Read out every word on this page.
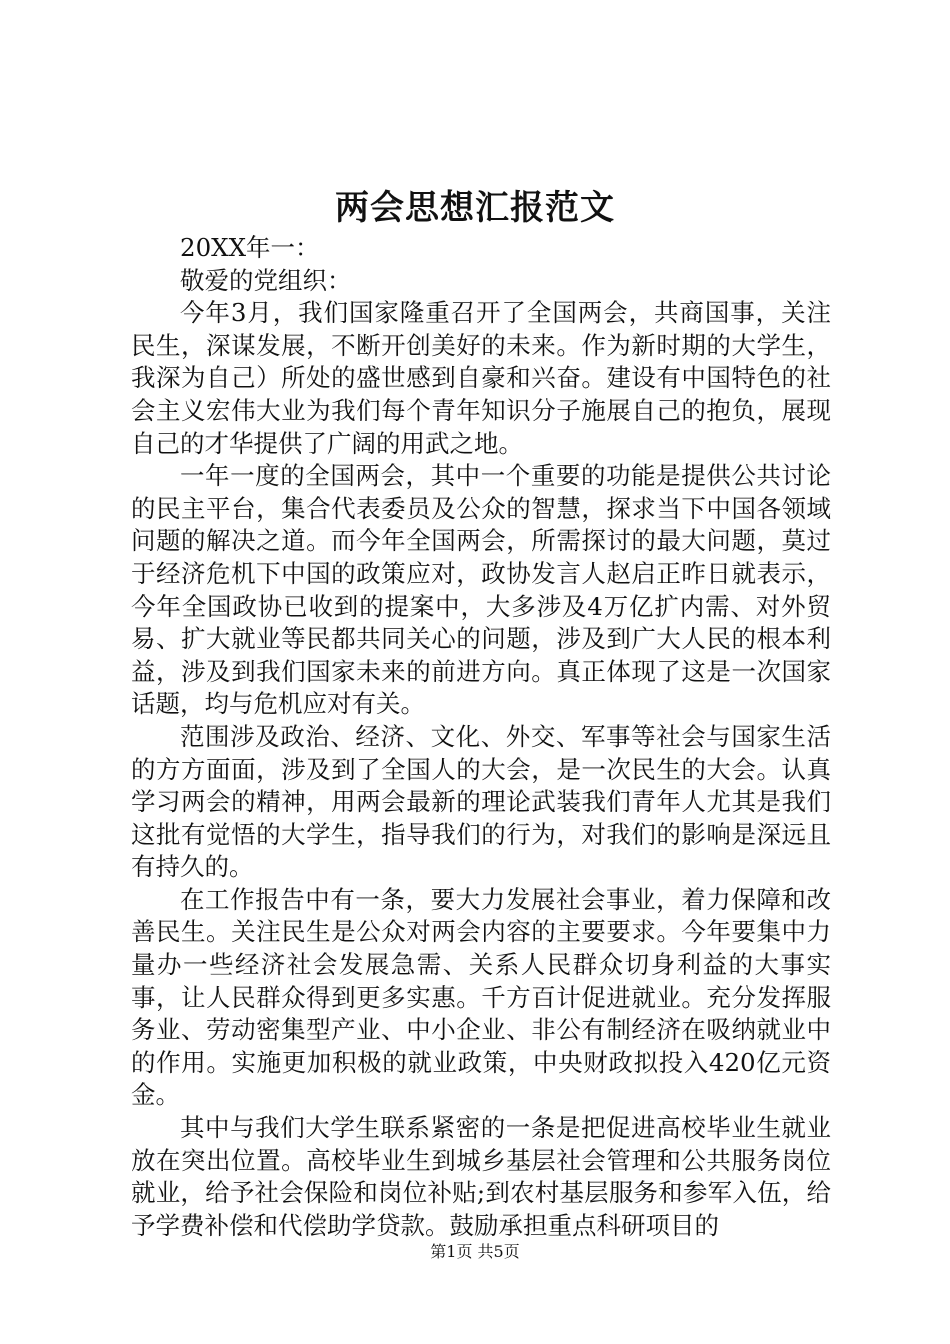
两会思想汇报范文

20XX年一：

敬爱的党组织：

今年3月，我们国家隆重召开了全国两会，共商国事，关注民生，深谋发展，不断开创美好的未来。作为新时期的大学生，我深为自己）所处的盛世感到自豪和兴奋。建设有中国特色的社会主义宏伟大业为我们每个青年知识分子施展自己的抱负，展现自己的才华提供了广阔的用武之地。

一年一度的全国两会，其中一个重要的功能是提供公共讨论的民主平台，集合代表委员及公众的智慧，探求当下中国各领域问题的解决之道。而今年全国两会，所需探讨的最大问题，莫过于经济危机下中国的政策应对，政协发言人赵启正昨日就表示，今年全国政协已收到的提案中，大多涉及4万亿扩内需、对外贸易、扩大就业等民都共同关心的问题，涉及到广大人民的根本利益，涉及到我们国家未来的前进方向。真正体现了这是一次国家话题，均与危机应对有关。

范围涉及政治、经济、文化、外交、军事等社会与国家生活的方方面面，涉及到了全国人的大会，是一次民生的大会。认真学习两会的精神，用两会最新的理论武装我们青年人尤其是我们这批有觉悟的大学生，指导我们的行为，对我们的影响是深远且有持久的。

在工作报告中有一条，要大力发展社会事业，着力保障和改善民生。关注民生是公众对两会内容的主要要求。今年要集中力量办一些经济社会发展急需、关系人民群众切身利益的大事实事，让人民群众得到更多实惠。千方百计促进就业。充分发挥服务业、劳动密集型产业、中小企业、非公有制经济在吸纳就业中的作用。实施更加积极的就业政策，中央财政拟投入420亿元资金。

其中与我们大学生联系紧密的一条是把促进高校毕业生就业放在突出位置。高校毕业生到城乡基层社会管理和公共服务岗位就业，给予社会保险和岗位补贴;到农村基层服务和参军入伍，给予学费补偿和代偿助学贷款。鼓励承担重点科研项目的

第1页 共5页
